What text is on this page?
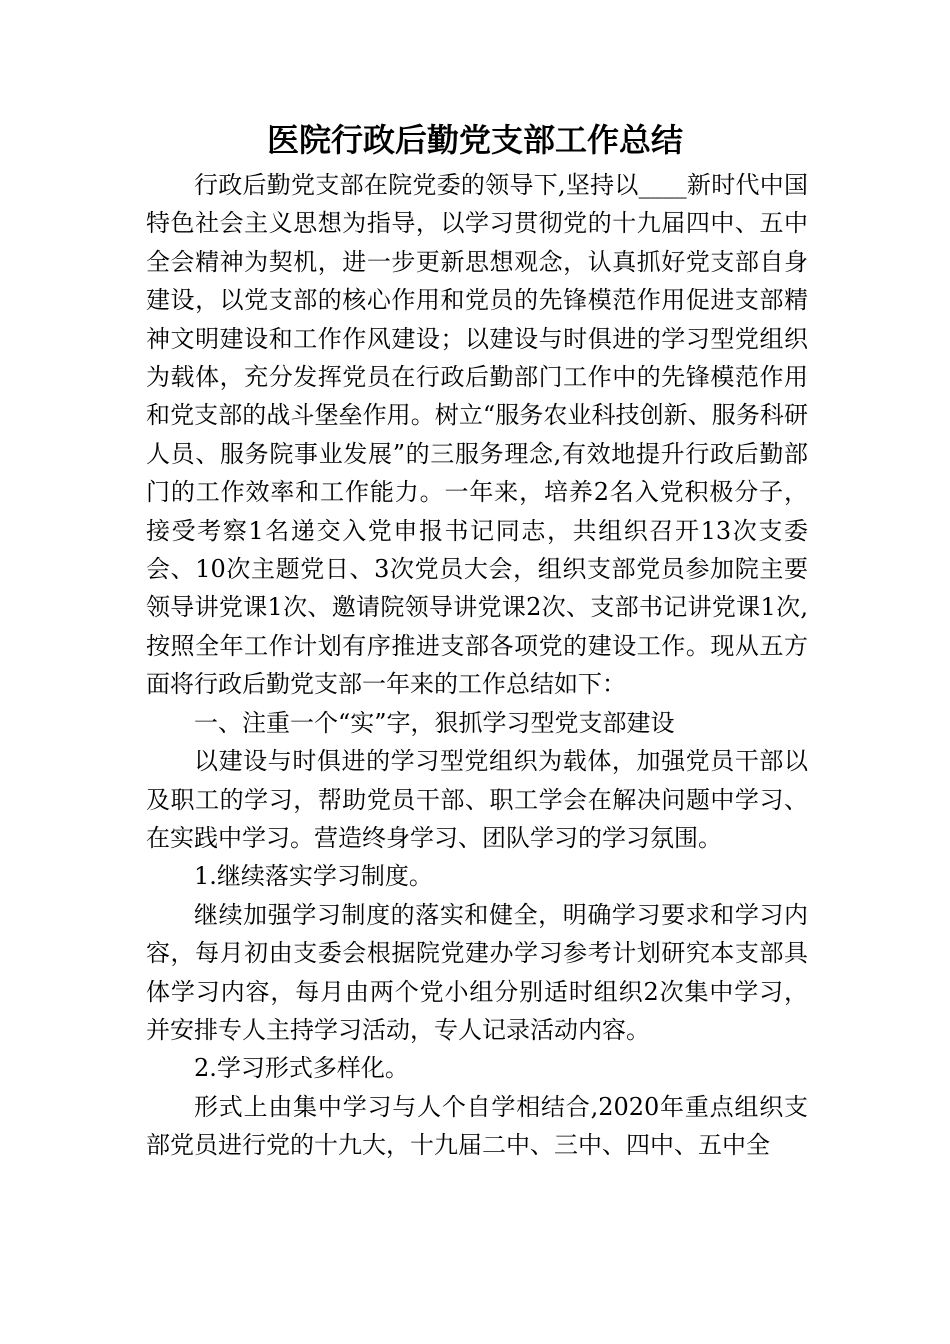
医院行政后勤党支部工作总结

行政后勤党支部在院党委的领导下,坚持以____新时代中国特色社会主义思想为指导，以学习贯彻党的十九届四中、五中全会精神为契机，进一步更新思想观念，认真抓好党支部自身建设，以党支部的核心作用和党员的先锋模范作用促进支部精神文明建设和工作作风建设；以建设与时俱进的学习型党组织为载体，充分发挥党员在行政后勤部门工作中的先锋模范作用和党支部的战斗堡垒作用。树立“服务农业科技创新、服务科研人员、服务院事业发展”的三服务理念,有效地提升行政后勤部门的工作效率和工作能力。一年来，培养2名入党积极分子，接受考察1名递交入党申报书记同志，共组织召开13次支委会、10次主题党日、3次党员大会，组织支部党员参加院主要领导讲党课1次、邀请院领导讲党课2次、支部书记讲党课1次,按照全年工作计划有序推进支部各项党的建设工作。现从五方面将行政后勤党支部一年来的工作总结如下：

一、注重一个“实”字，狠抓学习型党支部建设

以建设与时俱进的学习型党组织为载体，加强党员干部以及职工的学习，帮助党员干部、职工学会在解决问题中学习、在实践中学习。营造终身学习、团队学习的学习氛围。

1.继续落实学习制度。

继续加强学习制度的落实和健全，明确学习要求和学习内容，每月初由支委会根据院党建办学习参考计划研究本支部具体学习内容，每月由两个党小组分别适时组织2次集中学习，并安排专人主持学习活动，专人记录活动内容。

2.学习形式多样化。

形式上由集中学习与人个自学相结合,2020年重点组织支部党员进行党的十九大，十九届二中、三中、四中、五中全
